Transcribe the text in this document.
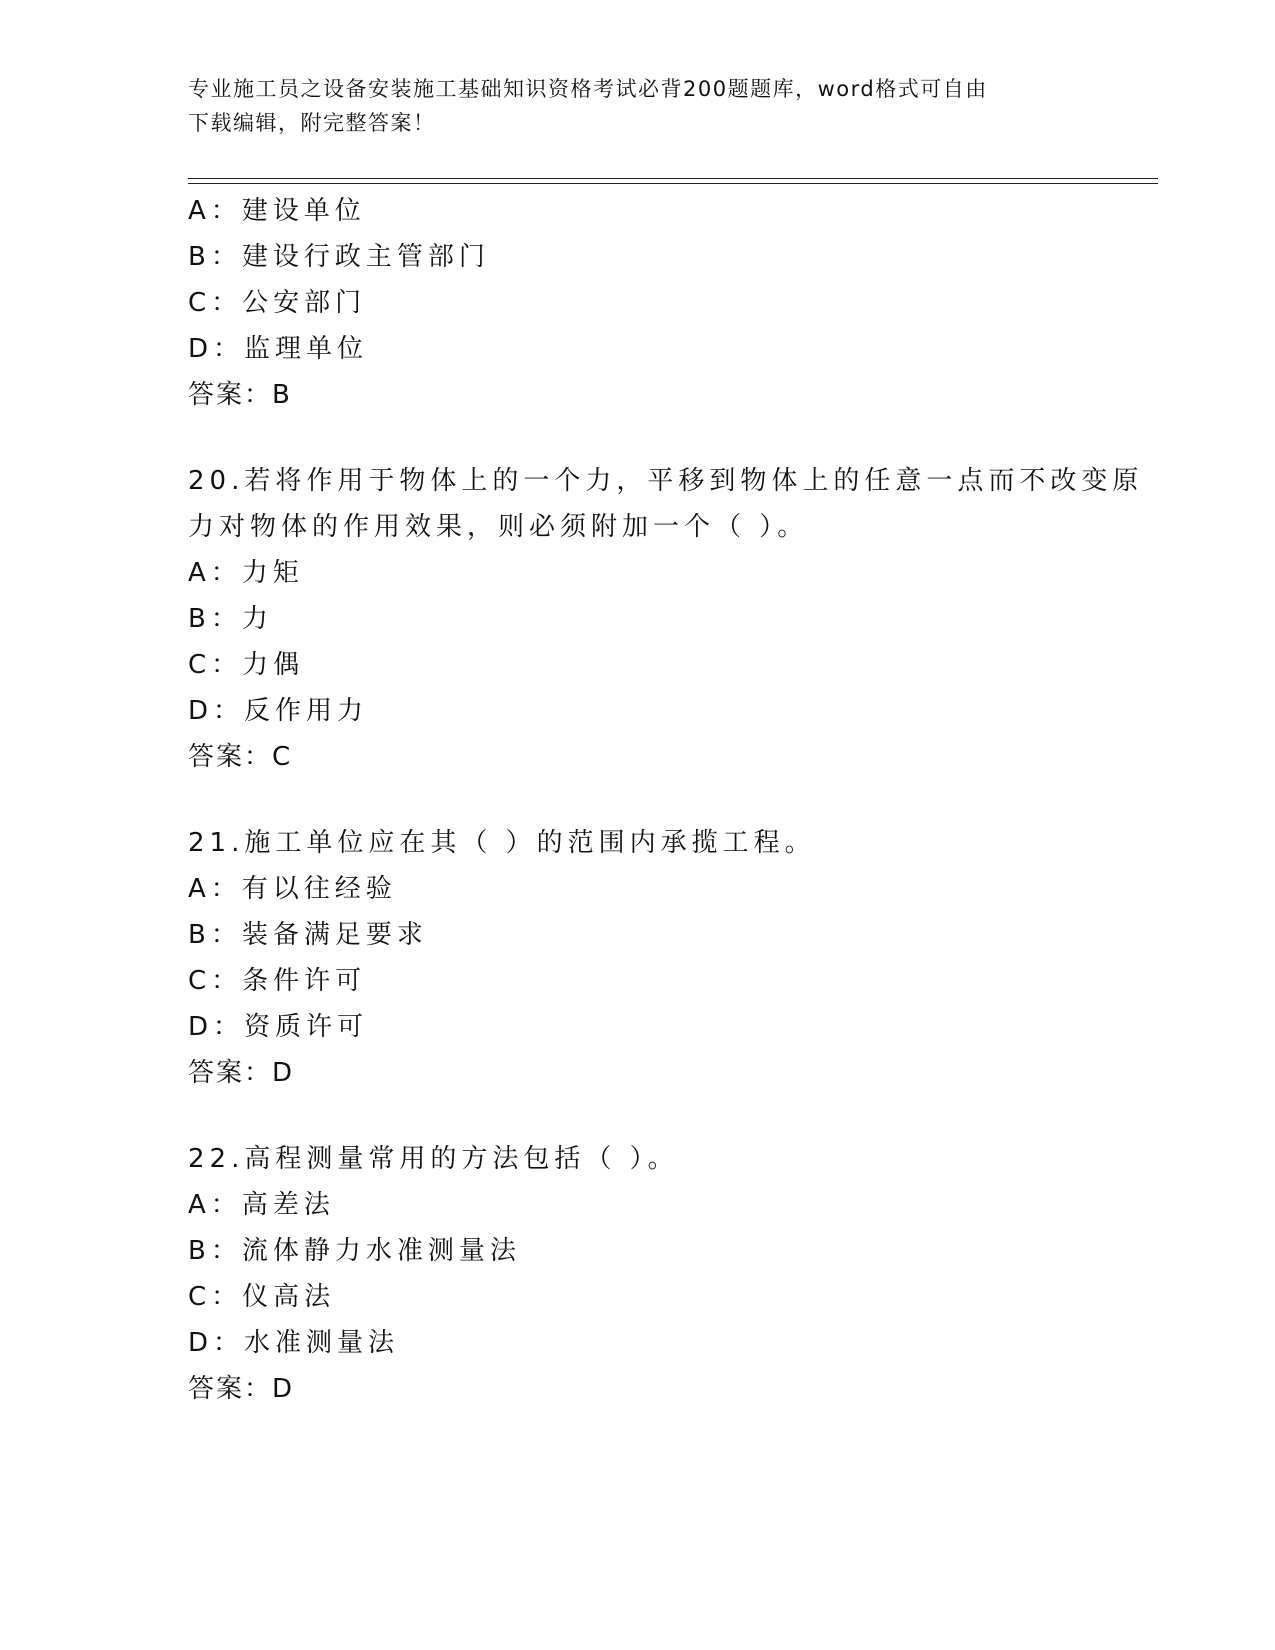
专业施工员之设备安装施工基础知识资格考试必背200题题库，word格式可自由
下载编辑，附完整答案！
A：建设单位
B：建设行政主管部门
C：公安部门
D：监理单位
答案：B
20.若将作用于物体上的一个力，平移到物体上的任意一点而不改变原
力对物体的作用效果，则必须附加一个（ ）。
A：力矩
B：力
C：力偶
D：反作用力
答案：C
21.施工单位应在其（ ）的范围内承揽工程。
A：有以往经验
B：装备满足要求
C：条件许可
D：资质许可
答案：D
22.高程测量常用的方法包括（ ）。
A：高差法
B：流体静力水准测量法
C：仪高法
D：水准测量法
答案：D
